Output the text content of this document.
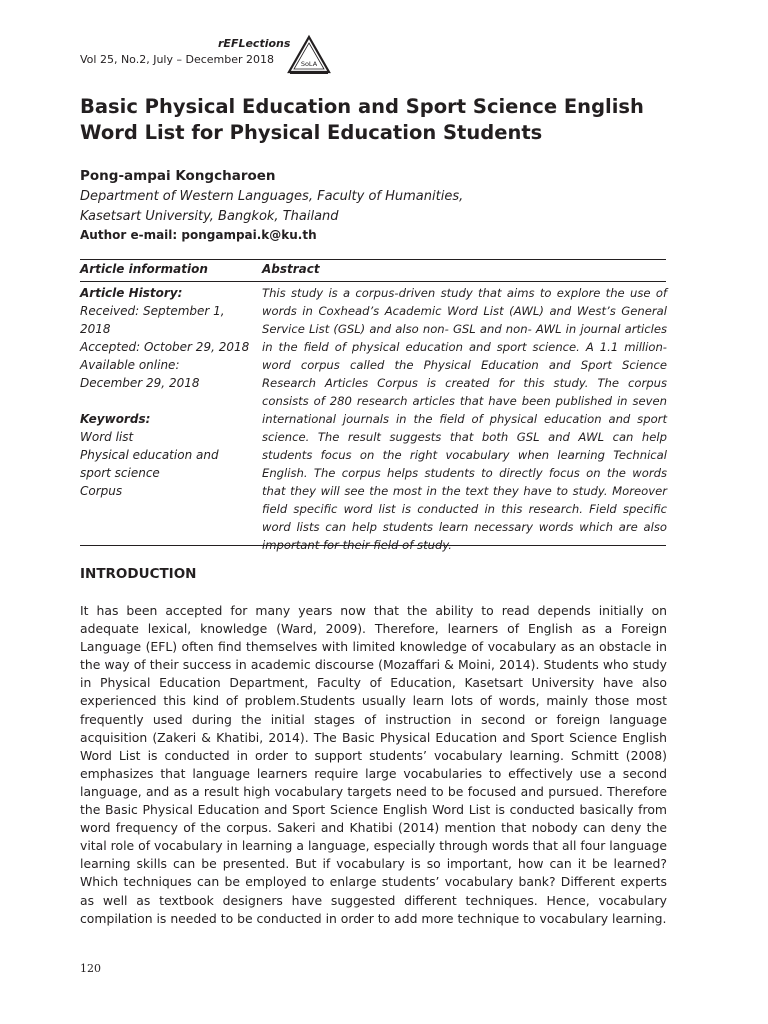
rEFLections
Vol 25, No.2, July – December 2018	SoLA
Basic Physical Education and Sport Science English
Word List for Physical Education Students
Pong-ampai Kongcharoen
Department of Western Languages, Faculty of Humanities,
Kasetsart University, Bangkok, Thailand
Author e-mail: pongampai.k@ku.th
Article information	Abstract
Article History:
Received: September 1, 2018
Accepted: October 29, 2018
Available online:
December 29, 2018
Keywords:
Word list
Physical education and
sport science
Corpus
This study is a corpus-driven study that aims to explore the use of words in Coxhead’s Academic Word List (AWL) and West’s General Service List (GSL) and also non- GSL and non- AWL in journal articles in the field of physical education and sport science. A 1.1 million-word corpus called the Physical Education and Sport Science Research Articles Corpus is created for this study. The corpus consists of 280 research articles that have been published in seven international journals in the field of physical education and sport science. The result suggests that both GSL and AWL can help students focus on the right vocabulary when learning Technical English. The corpus helps students to directly focus on the words that they will see the most in the text they have to study. Moreover field specific word list is conducted in this research. Field specific word lists can help students learn necessary words which are also important for their field of study.
INTRODUCTION
It has been accepted for many years now that the ability to read depends initially on adequate lexical, knowledge (Ward, 2009). Therefore, learners of English as a Foreign Language (EFL) often find themselves with limited knowledge of vocabulary as an obstacle in the way of their success in academic discourse (Mozaffari & Moini, 2014). Students who study in Physical Education Department, Faculty of Education, Kasetsart University have also experienced this kind of problem.Students usually learn lots of words, mainly those most frequently used during the initial stages of instruction in second or foreign language acquisition (Zakeri & Khatibi, 2014). The Basic Physical Education and Sport Science English Word List is conducted in order to support students’ vocabulary learning. Schmitt (2008) emphasizes that language learners require large vocabularies to effectively use a second language, and as a result high vocabulary targets need to be focused and pursued. Therefore the Basic Physical Education and Sport Science English Word List is conducted basically from word frequency of the corpus. Sakeri and Khatibi (2014) mention that nobody can deny the vital role of vocabulary in learning a language, especially through words that all four language learning skills can be presented. But if vocabulary is so important, how can it be learned? Which techniques can be employed to enlarge students’ vocabulary bank? Different experts as well as textbook designers have suggested different techniques. Hence, vocabulary compilation is needed to be conducted in order to add more technique to vocabulary learning.
120
